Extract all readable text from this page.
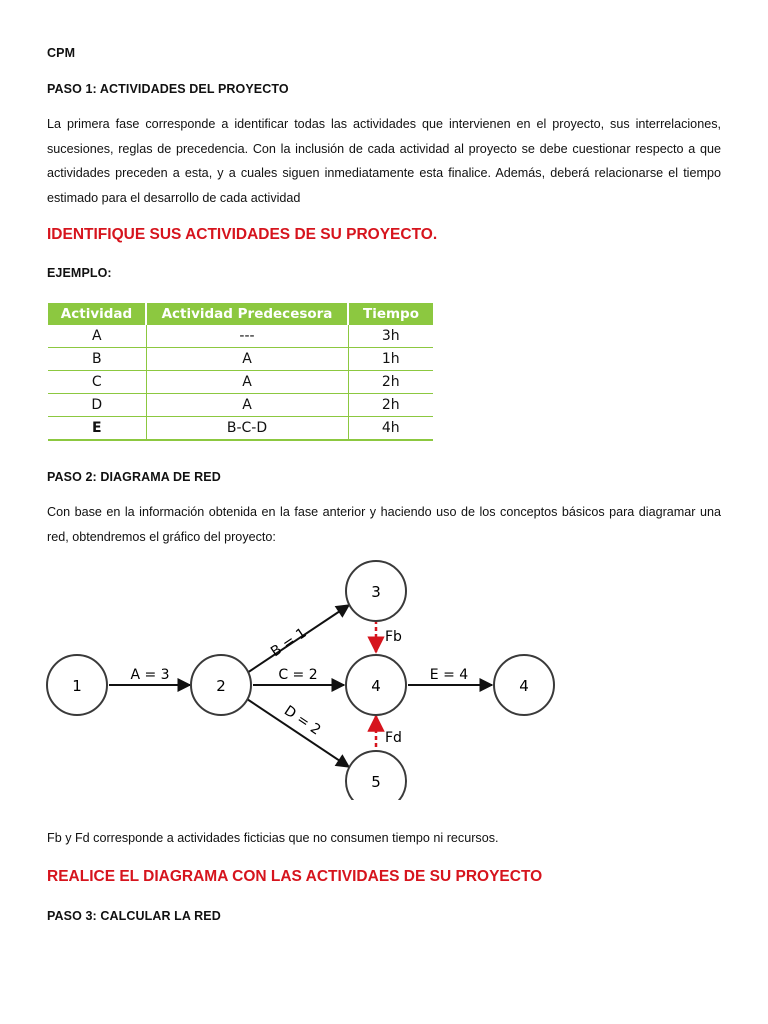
CPM
PASO 1: ACTIVIDADES DEL PROYECTO
La primera fase corresponde a identificar todas las actividades que intervienen en el proyecto, sus interrelaciones, sucesiones, reglas de precedencia. Con la inclusión de cada actividad al proyecto se debe cuestionar respecto a que actividades preceden a esta, y a cuales siguen inmediatamente esta finalice. Además, deberá relacionarse el tiempo estimado para el desarrollo de cada actividad
IDENTIFIQUE SUS ACTIVIDADES DE SU PROYECTO.
EJEMPLO:
Actividad	Actividad Predecesora	Tiempo
A	---	3h
B	A	1h
C	A	2h
D	A	2h
E	B-C-D	4h
PASO 2: DIAGRAMA DE RED
Con base en la información obtenida en la fase anterior y haciendo uso de los conceptos básicos para diagramar una red, obtendremos el gráfico del proyecto:
1	2
3
4
5
4
A = 3
B = 1
C = 2
D = 2
E = 4
Fb
Fd
Fb y Fd corresponde a actividades ficticias que no consumen tiempo ni recursos.
REALICE EL DIAGRAMA CON LAS ACTIVIDAES DE SU PROYECTO
PASO 3: CALCULAR LA RED
